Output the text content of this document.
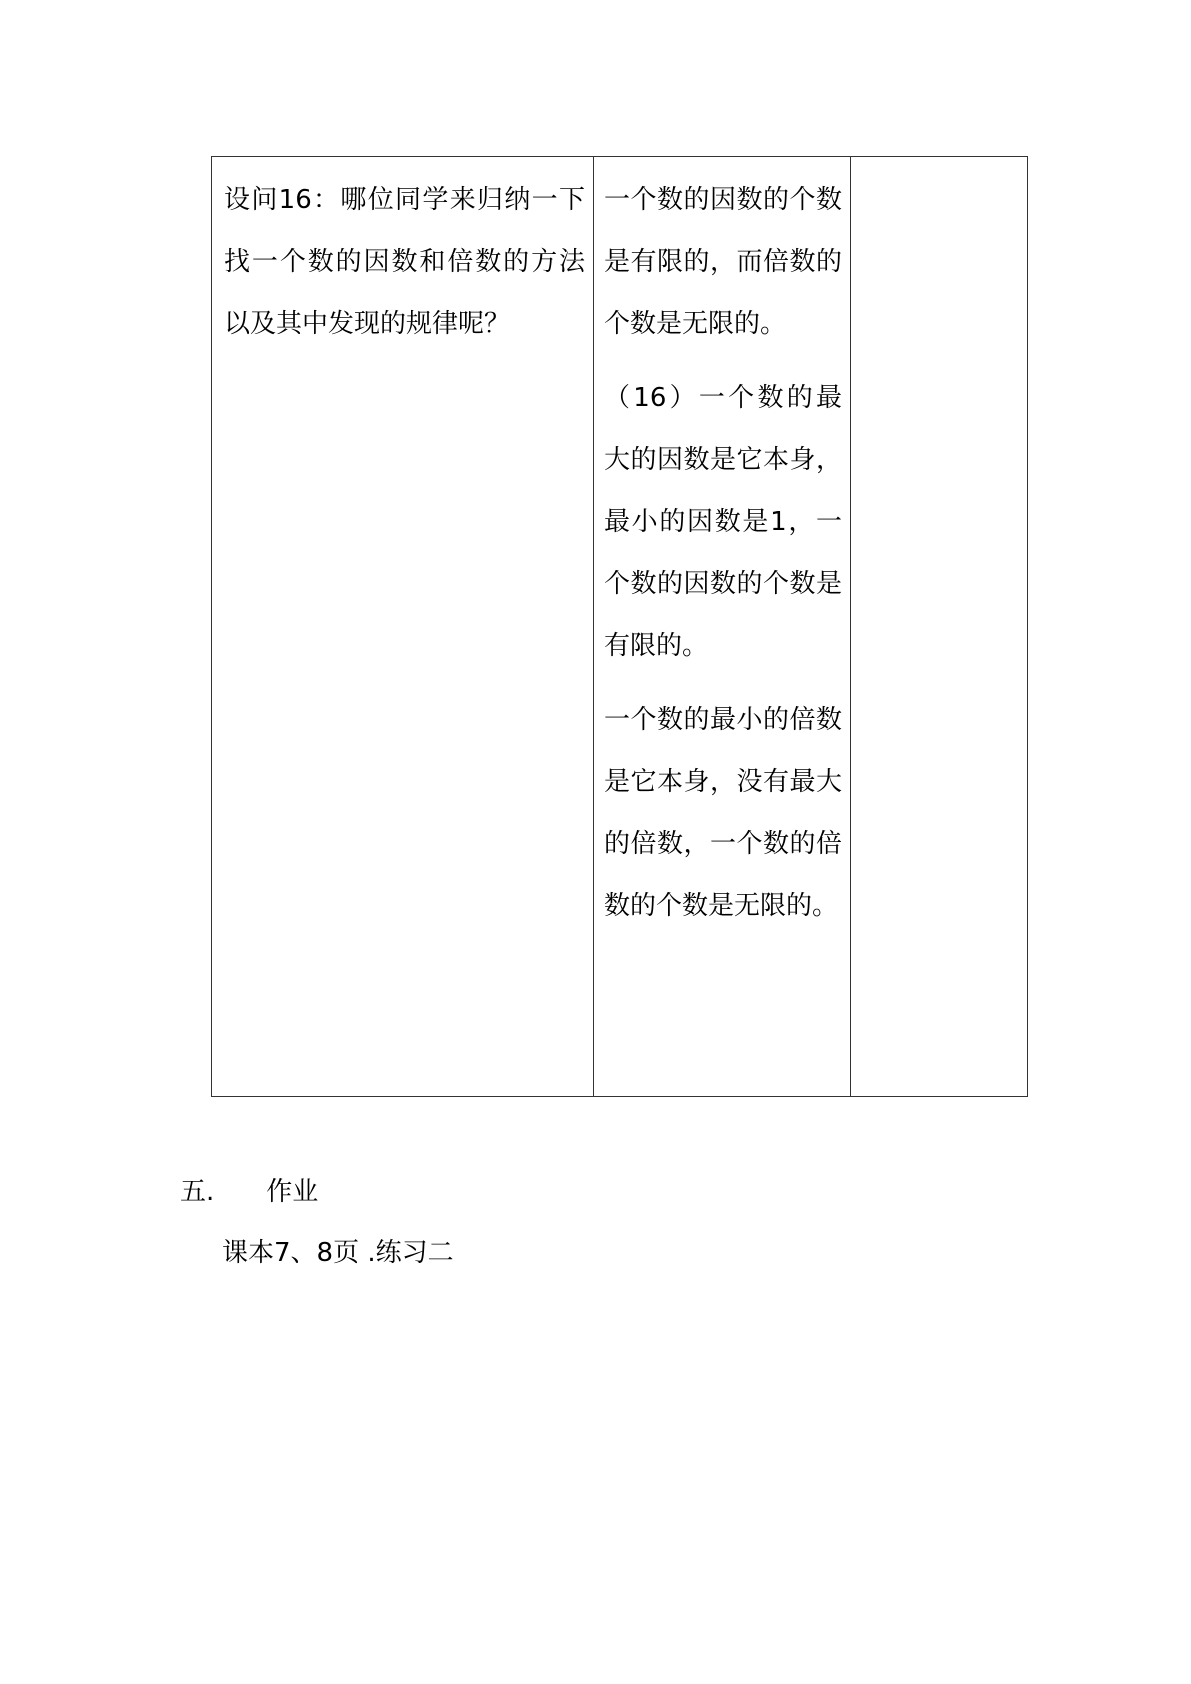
设问16：哪位同学来归纳一下找一个数的因数和倍数的方法以及其中发现的规律呢？

一个数的因数的个数是有限的，而倍数的个数是无限的。
（16）一个数的最大的因数是它本身，最小的因数是1，一个数的因数的个数是有限的。
一个数的最小的倍数是它本身，没有最大的倍数，一个数的倍数的个数是无限的。

五. 作业
课本7、8页 .练习二
